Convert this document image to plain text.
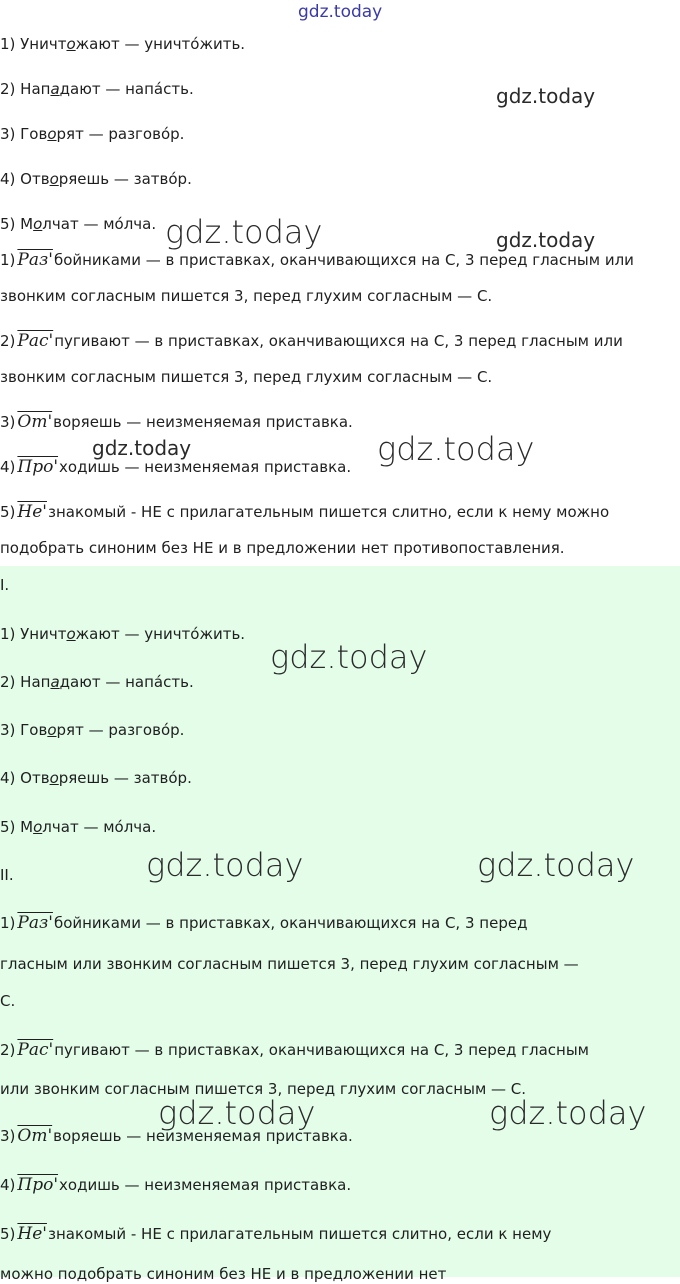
1) Уничтожают — уничто́жить.
2) Нападают — напа́сть.
3) Говорят — разгово́р.
4) Отворяешь — затво́р.
5) Молчат — мо́лча.
1) Раз'бойниками — в приставках, оканчивающихся на С, 3 перед гласным или
звонким согласным пишется 3, перед глухим согласным — С.
2) Рас'пугивают — в приставках, оканчивающихся на С, 3 перед гласным или
звонким согласным пишется 3, перед глухим согласным — С.
3) От'воряешь — неизменяемая приставка.
4) Про'ходишь — неизменяемая приставка.
5) Не'знакомый - НЕ с прилагательным пишется слитно, если к нему можно
подобрать синоним без НЕ и в предложении нет противопоставления.
I.
1) Уничтожают — уничто́жить.
2) Нападают — напа́сть.
3) Говорят — разгово́р.
4) Отворяешь — затво́р.
5) Молчат — мо́лча.
II.
1) Раз'бойниками — в приставках, оканчивающихся на С, 3 перед
гласным или звонким согласным пишется 3, перед глухим согласным —
С.
2) Рас'пугивают — в приставках, оканчивающихся на С, 3 перед гласным
или звонким согласным пишется 3, перед глухим согласным — С.
3) От'воряешь — неизменяемая приставка.
4) Про'ходишь — неизменяемая приставка.
5) Не'знакомый - НЕ с прилагательным пишется слитно, если к нему
можно подобрать синоним без НЕ и в предложении нет
gdz.today
gdz.today
gdz.today	gdz.today
gdz.today	gdz.today
gdz.today
gdz.today	gdz.today
gdz.today	gdz.today
